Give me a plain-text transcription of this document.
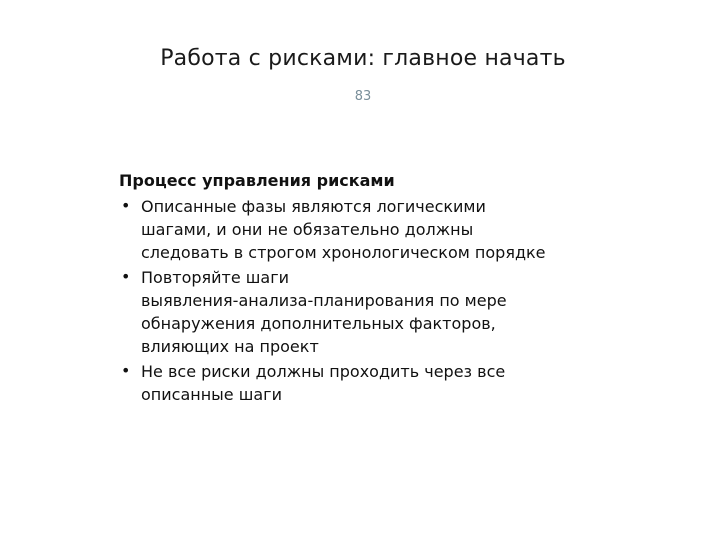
Работа с рисками: главное начать
83
Процесс управления рисками
• Описанные фазы являются логическими
шагами, и они не обязательно должны
следовать в строгом хронологическом порядке
• Повторяйте шаги
выявления-анализа-планирования по мере
обнаружения дополнительных факторов,
влияющих на проект
• Не все риски должны проходить через все
описанные шаги
